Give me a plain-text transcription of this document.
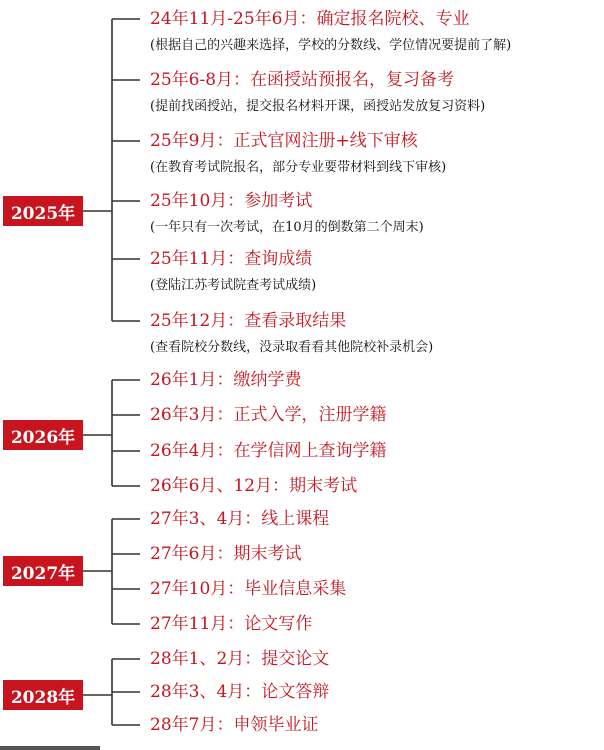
2025年
24年11月-25年6月：确定报名院校、专业
(根据自己的兴趣来选择，学校的分数线、学位情况要提前了解)
25年6-8月：在函授站预报名，复习备考
(提前找函授站，提交报名材料开课，函授站发放复习资料)
25年9月：正式官网注册+线下审核
(在教育考试院报名，部分专业要带材料到线下审核)
25年10月：参加考试
(一年只有一次考试，在10月的倒数第二个周末)
25年11月：查询成绩
(登陆江苏考试院查考试成绩)
25年12月：查看录取结果
(查看院校分数线，没录取看看其他院校补录机会)
2026年
26年1月：缴纳学费
26年3月：正式入学，注册学籍
26年4月：在学信网上查询学籍
26年6月、12月：期末考试
2027年
27年3、4月：线上课程
27年6月：期末考试
27年10月：毕业信息采集
27年11月：论文写作
2028年
28年1、2月：提交论文
28年3、4月：论文答辩
28年7月：申领毕业证
